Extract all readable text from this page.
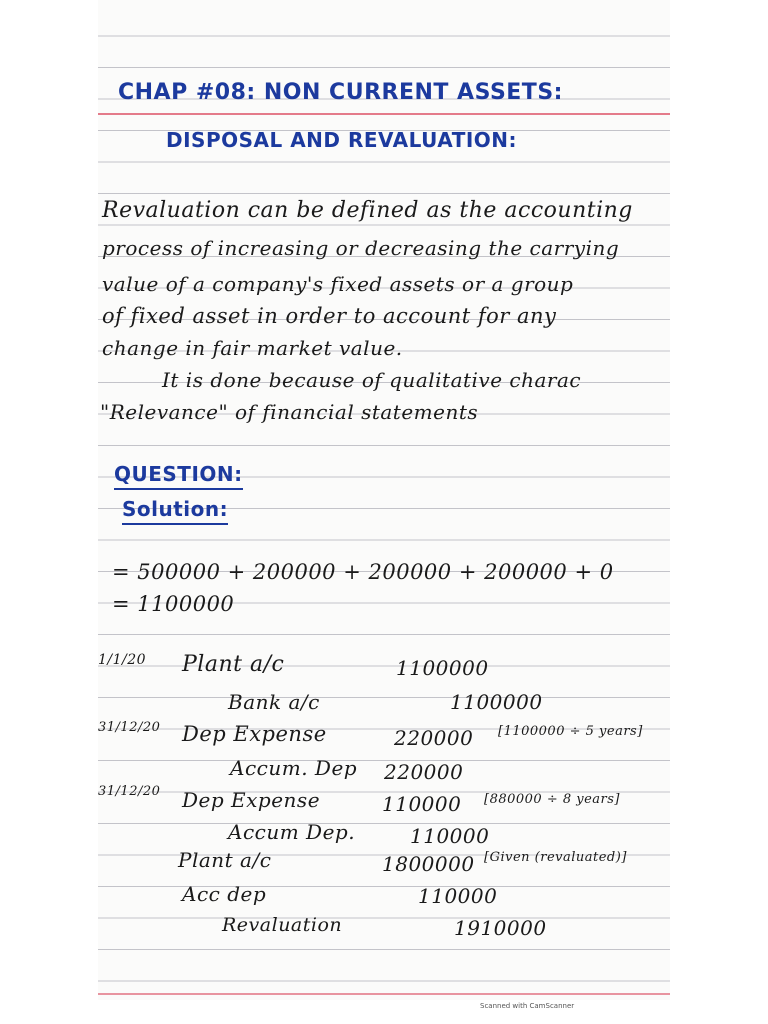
CHAP #08: NON CURRENT ASSETS:
DISPOSAL AND REVALUATION:
Revaluation can be defined as the accounting
process of increasing or decreasing the carrying
value of a company's fixed assets or a group
of fixed asset in order to account for any
change in fair market value.
It is done because of qualitative charac
"Relevance" of financial statements
QUESTION:
Solution:
= 500000 + 200000 + 200000 + 200000 + 0
= 1100000
1/1/20 Plant a/c	1100000
Bank a/c	1100000
31/12/20 Dep Expense	220000 [1100000 ÷ 5 years]
Accum. Dep 220000
31/12/20 Dep Expense	110000 [880000 ÷ 8 years]
Accum Dep.	110000
Plant a/c	1800000 [Given (revaluated)]
Acc dep	110000
Revaluation	1910000
Scanned with CamScanner
